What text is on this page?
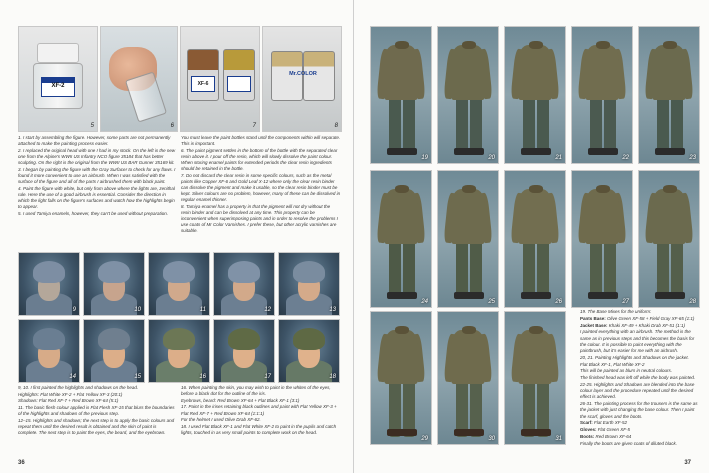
XF-2
5	6
XF-6
7
Mr.COLOR
8

1. I start by assembling the figure. However, some parts are not permanently attached to make the painting process easier.

2. I replaced the original head with one I had in my stock. On the left is the new one from the Alpine's WWII US Infantry NCO figure 35184 that has better sculpting. On the right is the original from the WWII US BAR Gunner 35169 kit.

3. I began by painting the figure with the Gray Surfacer to check for any flaws. I found it more convenient to use an airbrush. When I was satisfied with the surface of the figure and all of the parts I airbrushed them with black paint.

4. Paint the figure with white, but only from above where the lights are, zenithal rule. Here the use of a good airbrush is essential. Consider the direction in which the light falls on the figure's surfaces and watch how the highlights begin to appear.

5. I used Tamiya enamels, however, they can't be used without preparation.

You must leave the paint bottles stand until the components within will separate. This is important.

6. The paint pigment settles in the bottom of the bottle with the separated clear resin above it. I pour off the resin, which will slowly dissolve the paint colour. When storing enamel paints for extended periods the clear resin ingredients should be retained in the bottle.

7. Do not discard the clear resin in some specific colours, such as the metal paints like Copper XF-6 and Gold Leaf X-12 where only the clear resin binder can dissolve the pigment and make it usable, so the clear resin binder must be kept. Silver colours are no problem, however, many of these can be dissolved in regular enamel thinner.

8. Tamiya enamel has a property in that the pigment will not dry without the resin binder and can be dissolved at any time. This property can be inconvenient when superimposing paints and in order to resolve the problems I use coats of Mr Color Varnishes. I prefer these, but other acrylic varnishes are suitable.

9, 10. I first painted the highlights and shadows on the head.

Highlights: Flat White XF-2 + Flat Yellow XF-3 (20:1)

Shadows: Flat Red XF-7 + Red Brown XF-64 (5:1)

11. The basic flesh colour applied is Flat Flesh XF-15 that blurs the boundaries of the highlights and shadows of the previous step.

12–15. Highlights and shadows; the next step is to apply the basic colours and repeat them until the desired result is obtained and the skin of paint is complete. The next step is to paint the eyes, the beard, and the eyebrows.

16. When painting the skin, you may wish to paint in the whites of the eyes, before a black dot for the outline of the iris.

Eyebrows, beard: Red Brown XF-64 + Flat Black XF-1 (3:1)

17. Paint in the irises retaining black outlines and paint with Flat Yellow XF-3 + Flat Red XF-7 + Red Brown XF-64 (1:1:1)

For the helmet I used Olive Drab XF-62.

18. I used Flat Black XF-1 and Flat White XF-2 to paint in the pupils and catch lights, touched in as very small points to complete work on the head.

36
9	10	11	12	13
14	15	16	17	18
19	20	21	22	23
24	25	26	27	28
29	30	31

19. The Base Mixes for the uniform:

Pants Base: Olive Green XF-58 + Field Gray XF-65 (1:1)

Jacket Base: Khaki XF-49 + Khaki Drab XF-51 (1:1)

I painted everything with an airbrush. The method is the same as in previous steps and this becomes the basis for the colour. It is possible to paint everything with the paintbrush, but it's easier for me with an airbrush.

20, 21. Painting Highlights and Shadows on the jacket.

Flat Black XF-1, Flat White XF-2

This will be painted as blurs in neutral colours.

The finished head was left off while the body was painted.

22-25. Highlights and Shadows are blended into the base colour layer and the procedure repeated until the desired effect is achieved.

26-31. The painting process for the trousers is the same as the jacket with just changing the base colour. Then I paint the scarf, gloves and the boots.

Scarf: Flat Earth XF-52

Gloves: Flat Green XF-5

Boots: Red Brown XF-64

Finally the boots are given coats of diluted black.

37
